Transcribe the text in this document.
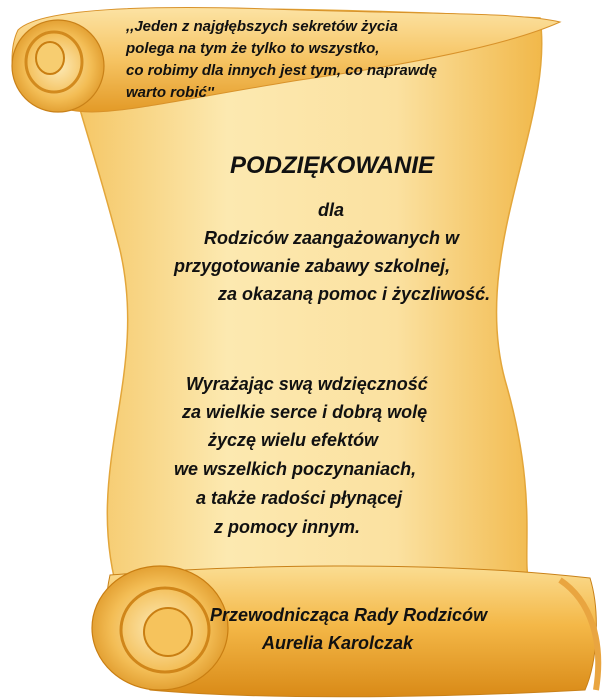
,,Jeden z najgłębszych sekretów życia
polega na tym że tylko to wszystko,
co robimy dla innych jest tym, co naprawdę
warto robić''
PODZIĘKOWANIE
dla
Rodziców zaangażowanych w
przygotowanie zabawy szkolnej,
za okazaną pomoc i życzliwość.
Wyrażając swą wdzięczność
za wielkie serce i dobrą wolę
życzę wielu efektów
we wszelkich poczynaniach,
a także radości płynącej
z pomocy innym.
Przewodnicząca Rady Rodziców
Aurelia Karolczak
